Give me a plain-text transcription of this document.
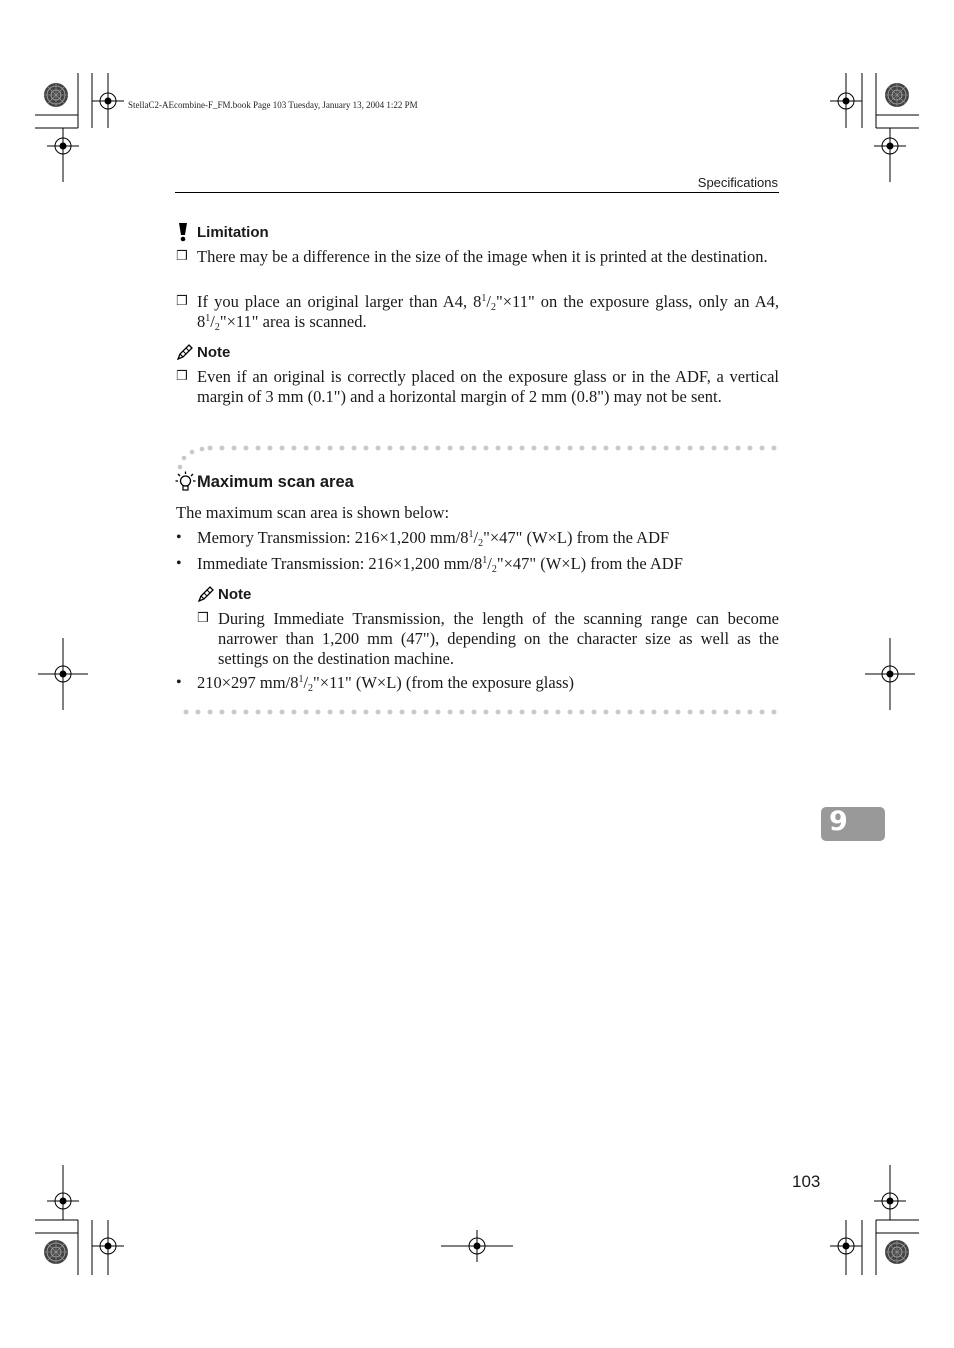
StellaC2-AEcombine-F_FM.book Page 103 Tuesday, January 13, 2004 1:22 PM
Specifications
Limitation
❒ There may be a difference in the size of the image when it is printed at the destination.
❒ If you place an original larger than A4, $8^1/_2"\times 11$" on the exposure glass, only an A4, $8^1/_2"\times 11$" area is scanned.
Note
❒ Even if an original is correctly placed on the exposure glass or in the ADF, a vertical margin of 3 mm (0.1") and a horizontal margin of 2 mm (0.8") may not be sent.
Maximum scan area
The maximum scan area is shown below:
• Memory Transmission: 216×1,200 $mm/8^1/_2"\times 47$" (W×L) from the ADF
• Immediate Transmission: 216×1,200 $mm/8^1/_2"\times 47$" (W×L) from the ADF
Note
❒ During Immediate Transmission, the length of the scanning range can become narrower than 1,200 mm (47"), depending on the character size as well as the settings on the destination machine.
• 210×297 $mm/8^1/_2"\times 11$" (W×L) (from the exposure glass)
9
103
